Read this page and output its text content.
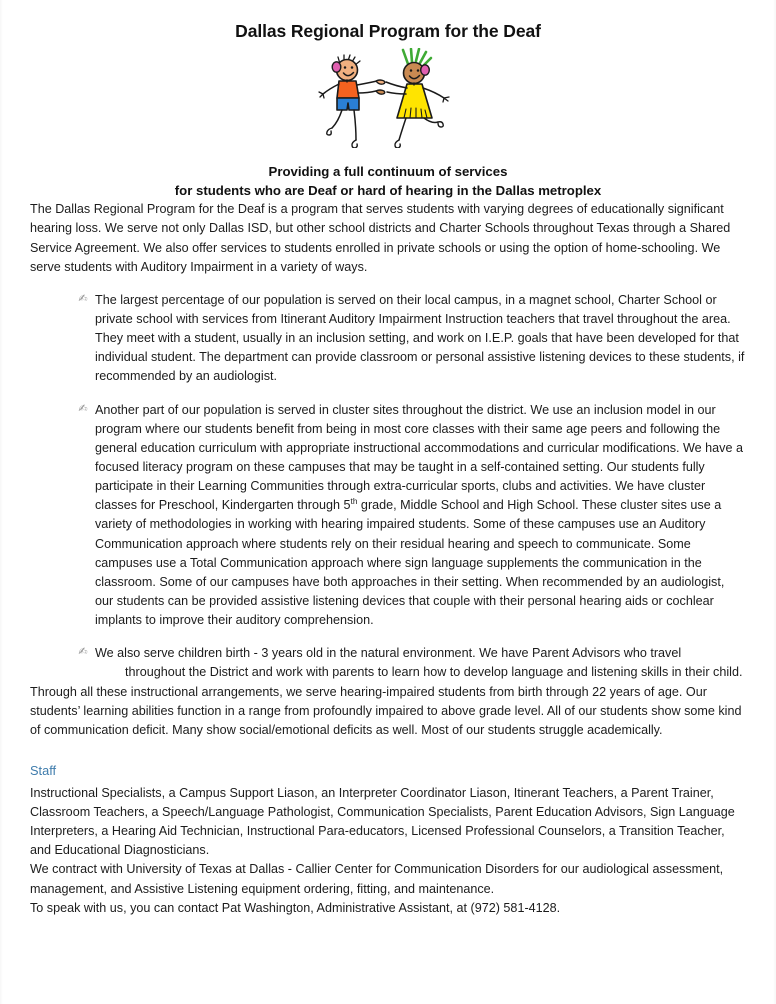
Dallas Regional Program for the Deaf
Providing a full continuum of services
for students who are Deaf or hard of hearing in the Dallas metroplex

The Dallas Regional Program for the Deaf is a program that serves students with varying degrees of educationally significant hearing loss. We serve not only Dallas ISD, but other school districts and Charter Schools throughout Texas through a Shared Service Agreement. We also offer services to students enrolled in private schools or using the option of home-schooling. We serve students with Auditory Impairment in a variety of ways.

✍ The largest percentage of our population is served on their local campus, in a magnet school, Charter School or private school with services from Itinerant Auditory Impairment Instruction teachers that travel throughout the area. They meet with a student, usually in an inclusion setting, and work on I.E.P. goals that have been developed for that individual student. The department can provide classroom or personal assistive listening devices to these students, if recommended by an audiologist.
✍ Another part of our population is served in cluster sites throughout the district. We use an inclusion model in our program where our students benefit from being in most core classes with their same age peers and following the general education curriculum with appropriate instructional accommodations and curricular modifications. We have a focused literacy program on these campuses that may be taught in a self-contained setting. Our students fully participate in their Learning Communities through extra-curricular sports, clubs and activities. We have cluster classes for Preschool, Kindergarten through 5th grade, Middle School and High School. These cluster sites use a variety of methodologies in working with hearing impaired students. Some of these campuses use an Auditory Communication approach where students rely on their residual hearing and speech to communicate. Some campuses use a Total Communication approach where sign language supplements the communication in the classroom. Some of our campuses have both approaches in their setting. When recommended by an audiologist, our students can be provided assistive listening devices that couple with their personal hearing aids or cochlear implants to improve their auditory comprehension.
✍ We also serve children birth - 3 years old in the natural environment. We have Parent Advisors who travel
throughout the District and work with parents to learn how to develop language and listening skills in their child.

Through all these instructional arrangements, we serve hearing-impaired students from birth through 22 years of age. Our students’ learning abilities function in a range from profoundly impaired to above grade level. All of our students show some kind of communication deficit. Many show social/emotional deficits as well. Most of our students struggle academically.

Staff

Instructional Specialists, a Campus Support Liason, an Interpreter Coordinator Liason, Itinerant Teachers, a Parent Trainer, Classroom Teachers, a Speech/Language Pathologist, Communication Specialists, Parent Education Advisors, Sign Language Interpreters, a Hearing Aid Technician, Instructional Para-educators, Licensed Professional Counselors, a Transition Teacher, and Educational Diagnosticians.

We contract with University of Texas at Dallas - Callier Center for Communication Disorders for our audiological assessment, management, and Assistive Listening equipment ordering, fitting, and maintenance.

To speak with us, you can contact Pat Washington, Administrative Assistant, at (972) 581-4128.
